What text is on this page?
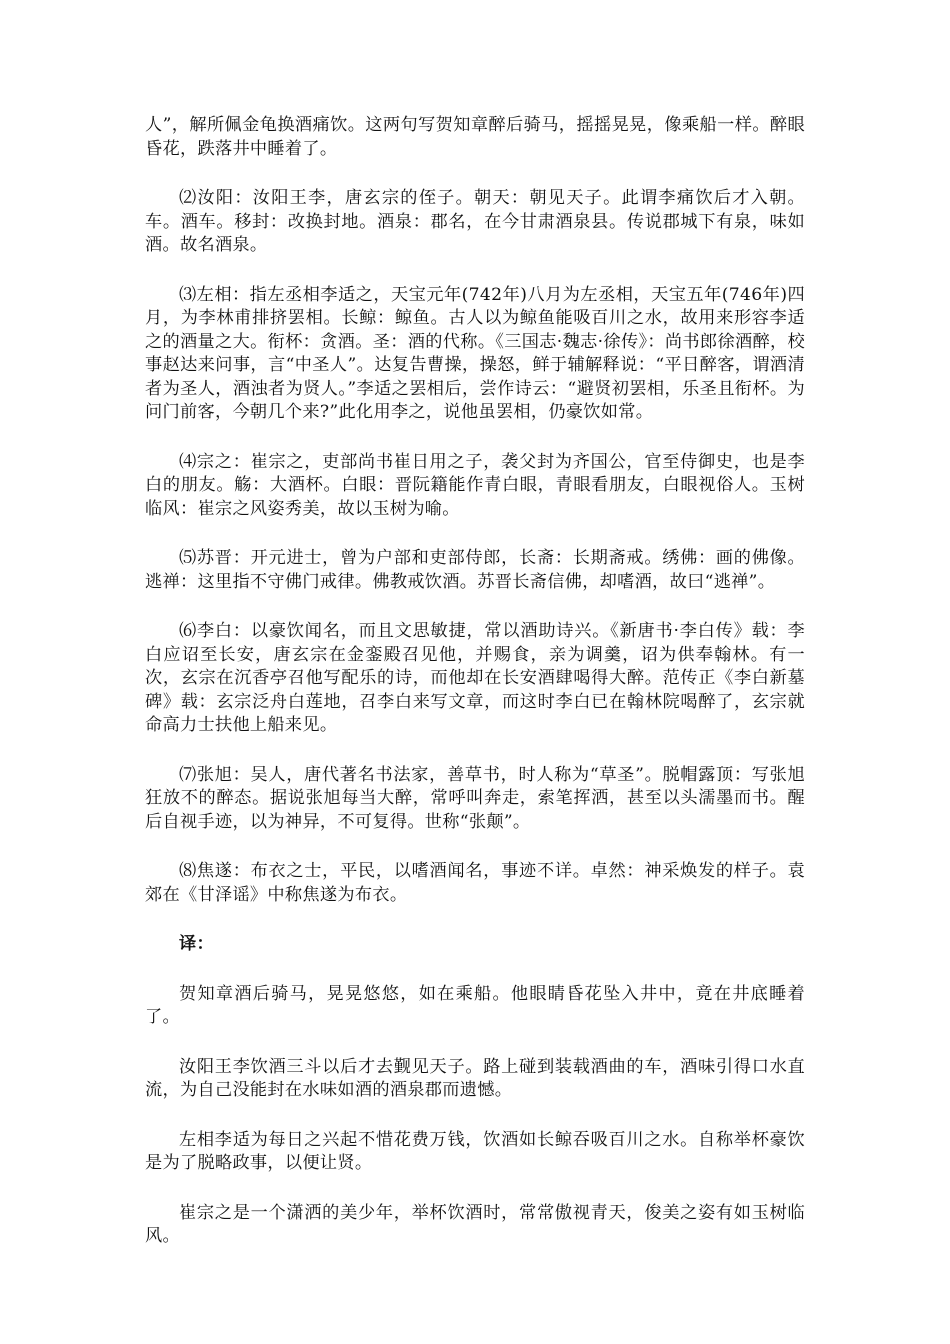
人”，解所佩金龟换酒痛饮。这两句写贺知章醉后骑马，摇摇晃晃，像乘船一样。醉眼昏花，跌落井中睡着了。

⑵汝阳：汝阳王李，唐玄宗的侄子。朝天：朝见天子。此谓李痛饮后才入朝。车。酒车。移封：改换封地。酒泉：郡名，在今甘肃酒泉县。传说郡城下有泉，味如酒。故名酒泉。

⑶左相：指左丞相李适之，天宝元年(742年)八月为左丞相，天宝五年(746年)四月，为李林甫排挤罢相。长鲸：鲸鱼。古人以为鲸鱼能吸百川之水，故用来形容李适之的酒量之大。衔杯：贪酒。圣：酒的代称。《三国志·魏志·徐传》：尚书郎徐酒醉，校事赵达来问事，言“中圣人”。达复告曹操，操怒，鲜于辅解释说：“平日醉客，谓酒清者为圣人，酒浊者为贤人。”李适之罢相后，尝作诗云：“避贤初罢相，乐圣且衔杯。为问门前客，今朝几个来?”此化用李之，说他虽罢相，仍豪饮如常。

⑷宗之：崔宗之，吏部尚书崔日用之子，袭父封为齐国公，官至侍御史，也是李白的朋友。觞：大酒杯。白眼：晋阮籍能作青白眼，青眼看朋友，白眼视俗人。玉树临风：崔宗之风姿秀美，故以玉树为喻。

⑸苏晋：开元进士，曾为户部和吏部侍郎，长斋：长期斋戒。绣佛：画的佛像。逃禅：这里指不守佛门戒律。佛教戒饮酒。苏晋长斋信佛，却嗜酒，故曰“逃禅”。

⑹李白：以豪饮闻名，而且文思敏捷，常以酒助诗兴。《新唐书·李白传》载：李白应诏至长安，唐玄宗在金銮殿召见他，并赐食，亲为调羹，诏为供奉翰林。有一次，玄宗在沉香亭召他写配乐的诗，而他却在长安酒肆喝得大醉。范传正《李白新墓碑》载：玄宗泛舟白莲地，召李白来写文章，而这时李白已在翰林院喝醉了，玄宗就命高力士扶他上船来见。

⑺张旭：吴人，唐代著名书法家，善草书，时人称为“草圣”。脱帽露顶：写张旭狂放不的醉态。据说张旭每当大醉，常呼叫奔走，索笔挥洒，甚至以头濡墨而书。醒后自视手迹，以为神异，不可复得。世称“张颠”。

⑻焦遂：布衣之士，平民，以嗜酒闻名，事迹不详。卓然：神采焕发的样子。袁郊在《甘泽谣》中称焦遂为布衣。

译：

贺知章酒后骑马，晃晃悠悠，如在乘船。他眼睛昏花坠入井中，竟在井底睡着了。

汝阳王李饮酒三斗以后才去觐见天子。路上碰到装载酒曲的车，酒味引得口水直流，为自己没能封在水味如酒的酒泉郡而遗憾。

左相李适为每日之兴起不惜花费万钱，饮酒如长鲸吞吸百川之水。自称举杯豪饮是为了脱略政事，以便让贤。

崔宗之是一个潇洒的美少年，举杯饮酒时，常常傲视青天，俊美之姿有如玉树临风。
